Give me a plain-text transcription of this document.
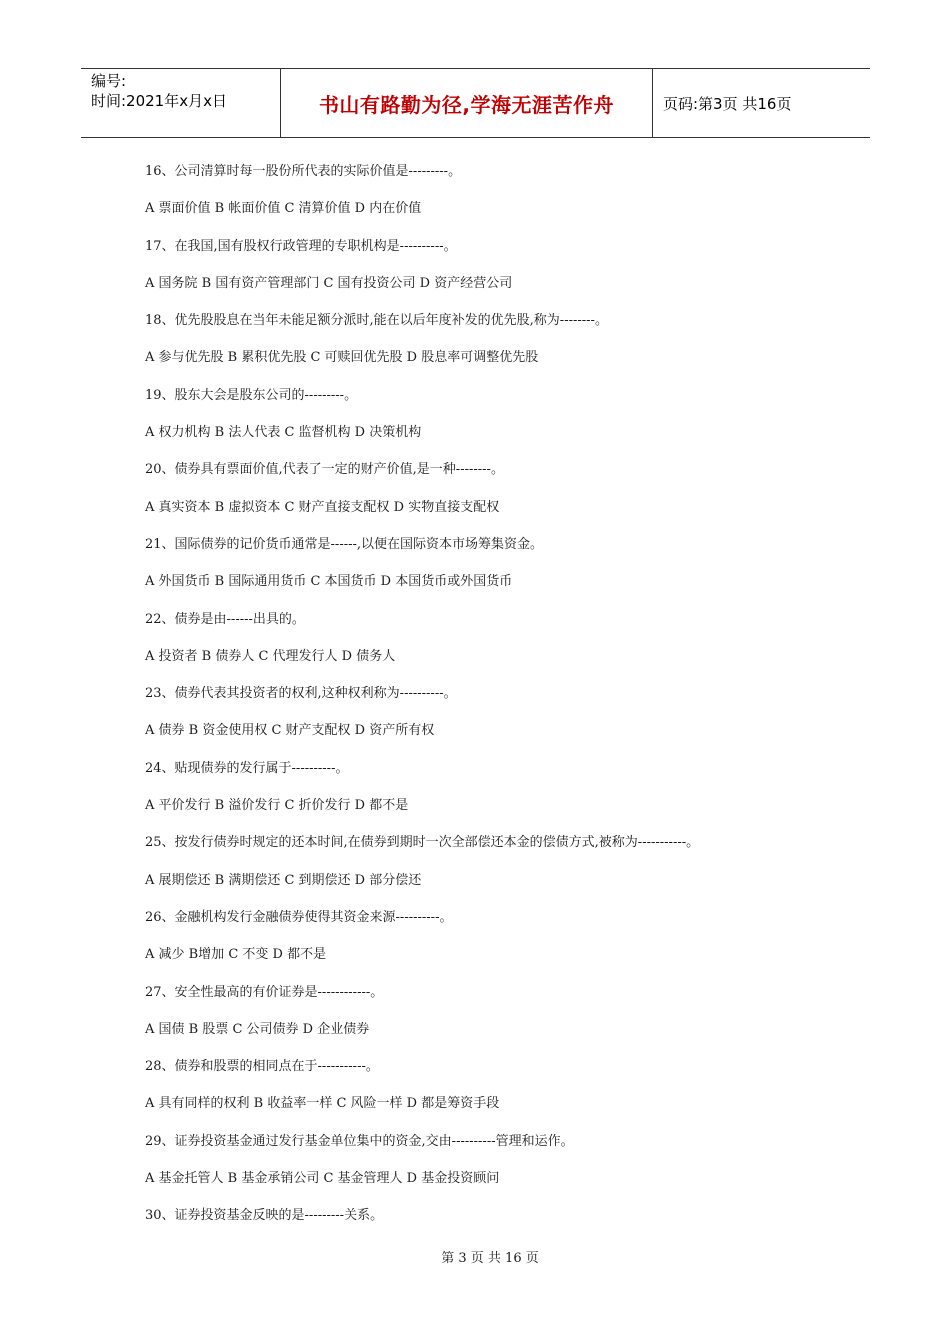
编号:
时间:2021年x月x日	书山有路勤为径,学海无涯苦作舟	页码:第3页 共16页
16、公司清算时每一股份所代表的实际价值是---------。
A 票面价值 B 帐面价值 C 清算价值 D 内在价值
17、在我国,国有股权行政管理的专职机构是----------。
A 国务院 B 国有资产管理部门 C 国有投资公司 D 资产经营公司
18、优先股股息在当年未能足额分派时,能在以后年度补发的优先股,称为--------。
A 参与优先股 B 累积优先股 C 可赎回优先股 D 股息率可调整优先股
19、股东大会是股东公司的---------。
A 权力机构 B 法人代表 C 监督机构 D 决策机构
20、债券具有票面价值,代表了一定的财产价值,是一种--------。
A 真实资本 B 虚拟资本 C 财产直接支配权 D 实物直接支配权
21、国际债券的记价货币通常是------,以便在国际资本市场筹集资金。
A 外国货币 B 国际通用货币 C 本国货币 D 本国货币或外国货币
22、债券是由------出具的。
A 投资者 B 债券人 C 代理发行人 D 债务人
23、债券代表其投资者的权利,这种权利称为----------。
A 债券 B 资金使用权 C 财产支配权 D 资产所有权
24、贴现债券的发行属于----------。
A 平价发行 B 溢价发行 C 折价发行 D 都不是
25、按发行债券时规定的还本时间,在债券到期时一次全部偿还本金的偿债方式,被称为-----------。
A 展期偿还 B 满期偿还 C 到期偿还 D 部分偿还
26、金融机构发行金融债券使得其资金来源----------。
A 减少 B增加 C 不变 D 都不是
27、安全性最高的有价证券是------------。
A 国债 B 股票 C 公司债券 D 企业债券
28、债券和股票的相同点在于-----------。
A 具有同样的权利 B 收益率一样 C 风险一样 D 都是筹资手段
29、证券投资基金通过发行基金单位集中的资金,交由----------管理和运作。
A 基金托管人 B 基金承销公司 C 基金管理人 D 基金投资顾问
30、证券投资基金反映的是---------关系。
第 3 页 共 16 页
